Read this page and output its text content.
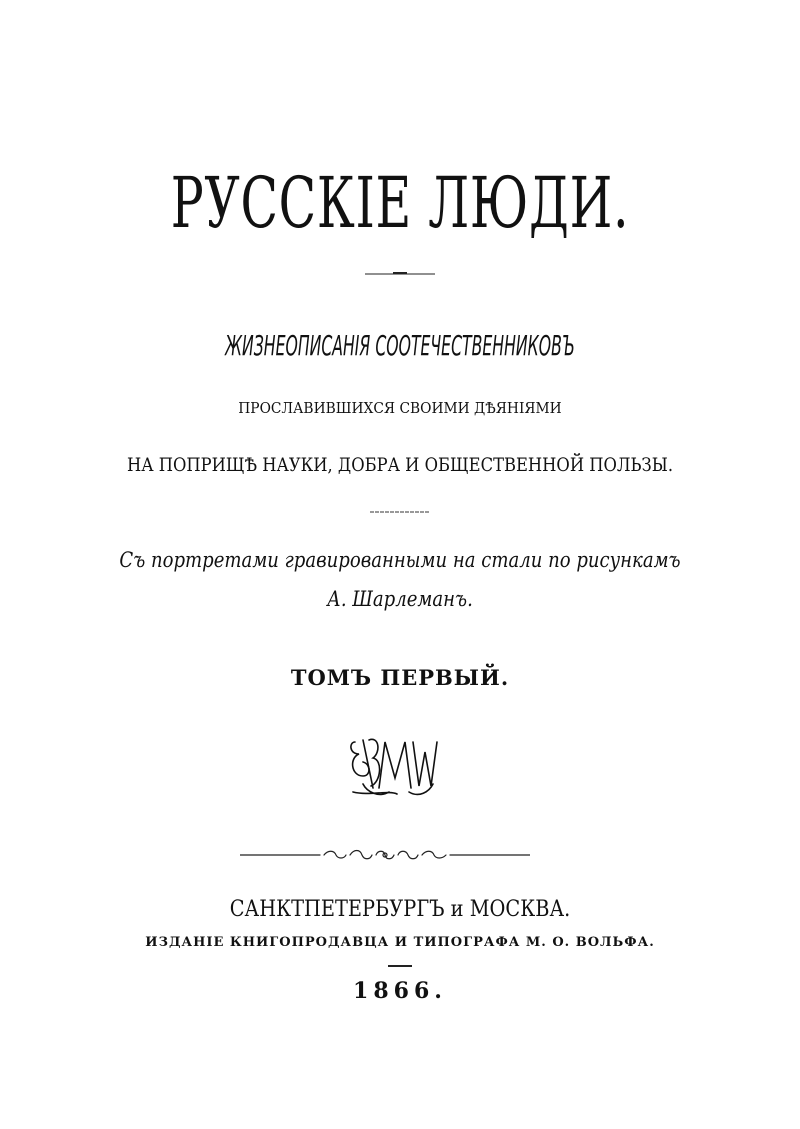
РУССКІЕ ЛЮДИ.
ЖИЗНЕОПИСАНІЯ СООТЕЧЕСТВЕННИКОВЪ
ПРОСЛАВИВШИХСЯ СВОИМИ ДѢЯНІЯМИ
НА ПОПРИЩѢ НАУКИ, ДОБРА И ОБЩЕСТВЕННОЙ ПОЛЬЗЫ.
Съ портретами гравированными на стали по рисункамъ
А. Шарлеманъ.
ТОМЪ ПЕРВЫЙ.
MW
САНКТПЕТЕРБУРГЪ и МОСКВА.
ИЗДАНІЕ КНИГОПРОДАВЦА И ТИПОГРАФА М. О. ВОЛЬФА.
1866.
